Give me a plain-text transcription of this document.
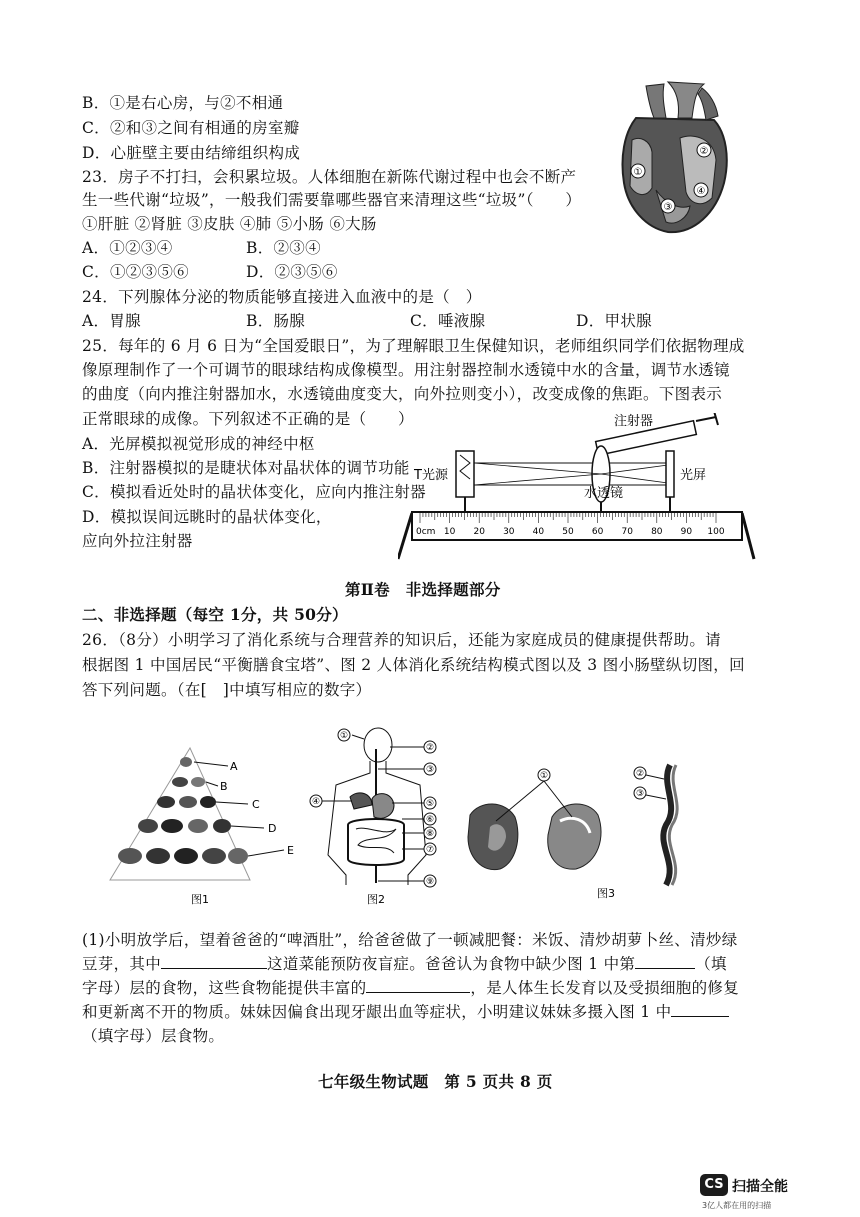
B．①是右心房，与②不相通
C．②和③之间有相通的房室瓣
D．心脏壁主要由结缔组织构成
①
②
③
④
23．房子不打扫，会积累垃圾。人体细胞在新陈代谢过程中也会不断产
生一些代谢“垃圾”，一般我们需要靠哪些器官来清理这些“垃圾”（　　）
①肝脏 ②肾脏 ③皮肤 ④肺 ⑤小肠 ⑥大肠
A．①②③④	B．②③④
C．①②③⑤⑥	D．②③⑤⑥
24．下列腺体分泌的物质能够直接进入血液中的是（　）
A．胃腺	B．肠腺	C．唾液腺	D．甲状腺
25．每年的 6 月 6 日为“全国爱眼日”，为了理解眼卫生保健知识，老师组织同学们依据物理成
像原理制作了一个可调节的眼球结构成像模型。用注射器控制水透镜中水的含量，调节水透镜
的曲度（向内推注射器加水，水透镜曲度变大，向外拉则变小），改变成像的焦距。下图表示
正常眼球的成像。下列叙述不正确的是（　　）
A．光屏模拟视觉形成的神经中枢
B．注射器模拟的是睫状体对晶状体的调节功能
C．模拟看近处时的晶状体变化，应向内推注射器
D．模拟误间远眺时的晶状体变化，
应向外拉注射器
注射器
T光源
水透镜
光屏
0cm 10 20 30 40 50 60 70 80 90 100
第Ⅱ卷　非选择题部分
二、非选择题（每空 1分，共 50分）
26．（8分）小明学习了消化系统与合理营养的知识后，还能为家庭成员的健康提供帮助。请
根据图 1 中国居民“平衡膳食宝塔”、图 2 人体消化系统结构模式图以及 3 图小肠壁纵切图，回
答下列问题。（在[　]中填写相应的数字）
A
B
C
D
E
图1
①
②
③
④	⑤
⑥
⑧
⑦
⑨
图2
①	②
③
图3
(1)小明放学后，望着爸爸的“啤酒肚”，给爸爸做了一顿减肥餐：米饭、清炒胡萝卜丝、清炒绿
豆芽，其中	这道菜能预防夜盲症。爸爸认为食物中缺少图 1 中第	（填
字母）层的食物，这些食物能提供丰富的	，是人体生长发育以及受损细胞的修复
和更新离不开的物质。妹妹因偏食出现牙龈出血等症状，小明建议妹妹多摄入图 1 中
（填字母）层食物。
七年级生物试题　第 5 页共 8 页
CS 扫描全能
3亿人都在用的扫描
